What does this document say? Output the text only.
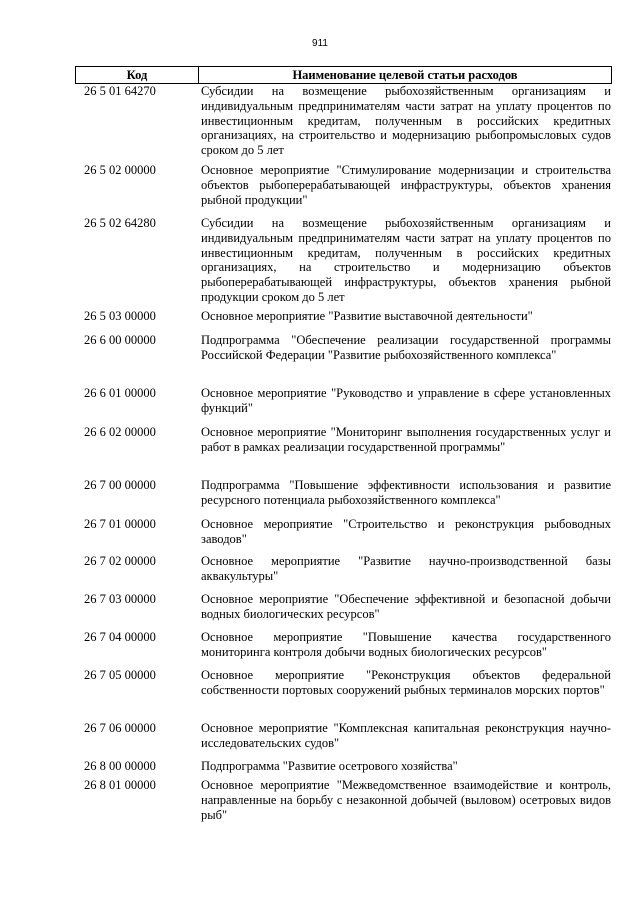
911
Код	Наименование целевой статьи расходов
26 5 01 64270	Субсидии на возмещение рыбохозяйственным организациям и индивидуальным предпринимателям части затрат на уплату процентов по инвестиционным кредитам, полученным в российских кредитных организациях, на строительство и модернизацию рыбопромысловых судов сроком до 5 лет
26 5 02 00000	Основное мероприятие "Стимулирование модернизации и строительства объектов рыбоперерабатывающей инфраструктуры, объектов хранения рыбной продукции"
26 5 02 64280	Субсидии на возмещение рыбохозяйственным организациям и индивидуальным предпринимателям части затрат на уплату процентов по инвестиционным кредитам, полученным в российских кредитных организациях, на строительство и модернизацию объектов рыбоперерабатывающей инфраструктуры, объектов хранения рыбной продукции сроком до 5 лет
26 5 03 00000	Основное мероприятие "Развитие выставочной деятельности"
26 6 00 00000	Подпрограмма "Обеспечение реализации государственной программы Российской Федерации "Развитие рыбохозяйственного комплекса"
26 6 01 00000	Основное мероприятие "Руководство и управление в сфере установленных функций"
26 6 02 00000	Основное мероприятие "Мониторинг выполнения государственных услуг и работ в рамках реализации государственной программы"
26 7 00 00000	Подпрограмма "Повышение эффективности использования и развитие ресурсного потенциала рыбохозяйственного комплекса"
26 7 01 00000	Основное мероприятие "Строительство и реконструкция рыбоводных заводов"
26 7 02 00000	Основное мероприятие "Развитие научно-производственной базы аквакультуры"
26 7 03 00000	Основное мероприятие "Обеспечение эффективной и безопасной добычи водных биологических ресурсов"
26 7 04 00000	Основное мероприятие "Повышение качества государственного мониторинга контроля добычи водных биологических ресурсов"
26 7 05 00000	Основное мероприятие "Реконструкция объектов федеральной собственности портовых сооружений рыбных терминалов морских портов"
26 7 06 00000	Основное мероприятие "Комплексная капитальная реконструкция научно-исследовательских судов"
26 8 00 00000	Подпрограмма "Развитие осетрового хозяйства"
26 8 01 00000	Основное мероприятие "Межведомственное взаимодействие и контроль, направленные на борьбу с незаконной добычей (выловом) осетровых видов рыб"
